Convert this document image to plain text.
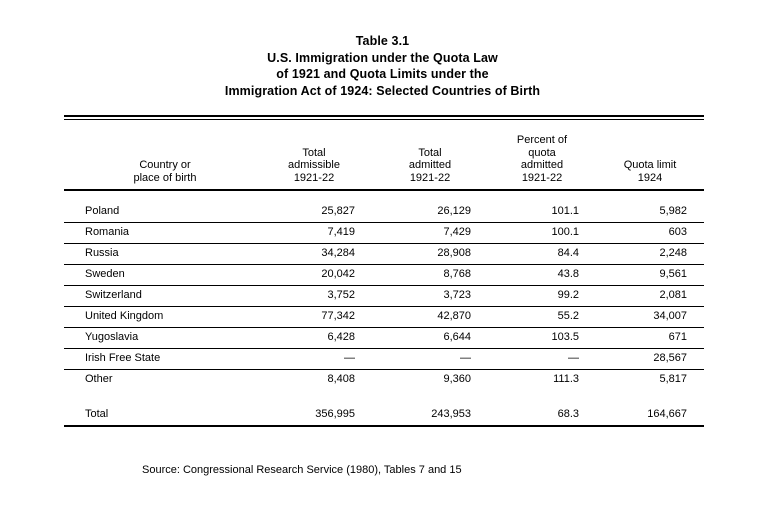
Table 3.1
U.S. Immigration under the Quota Law
of 1921 and Quota Limits under the
Immigration Act of 1924: Selected Countries of Birth

Country or
place of birth

Total
admissible
1921-22

Total
admitted
1921-22

Percent of
quota
admitted
1921-22

Quota limit
1924

Poland	25,827	26,129	101.1	5,982
Romania	7,419	7,429	100.1	603
Russia	34,284	28,908	84.4	2,248
Sweden	20,042	8,768	43.8	9,561
Switzerland	3,752	3,723	99.2	2,081
United Kingdom	77,342	42,870	55.2	34,007
Yugoslavia	6,428	6,644	103.5	671
Irish Free State	—	—	—	28,567
Other	8,408	9,360	111.3	5,817

Total	356,995	243,953	68.3	164,667
Source: Congressional Research Service (1980), Tables 7 and 15
